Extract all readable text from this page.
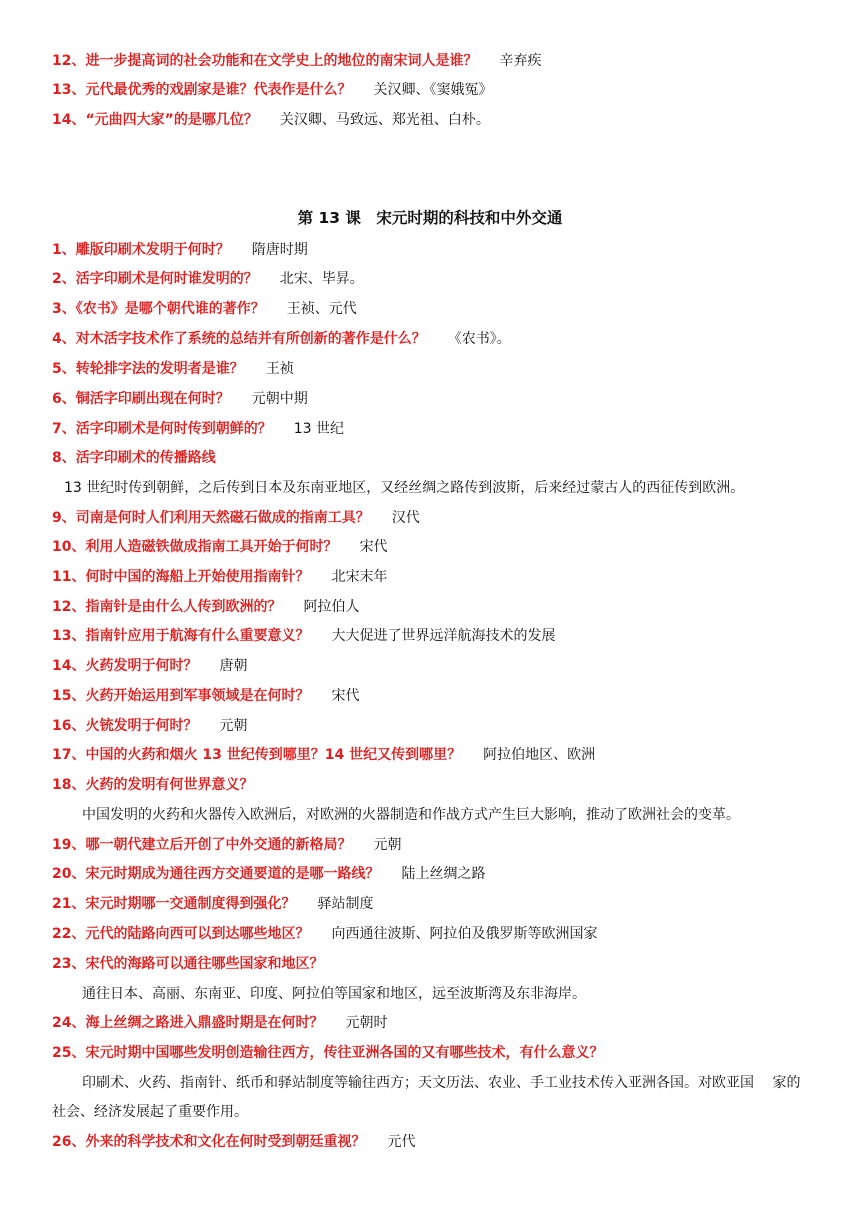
12、进一步提高词的社会功能和在文学史上的地位的南宋词人是谁？ 辛弃疾
13、元代最优秀的戏剧家是谁？代表作是什么？ 关汉卿、《窦娥冤》
14、“元曲四大家”的是哪几位？ 关汉卿、马致远、郑光祖、白朴。
第 13 课　宋元时期的科技和中外交通
1、雕版印刷术发明于何时？ 隋唐时期
2、活字印刷术是何时谁发明的？ 北宋、毕昇。
3、《农书》是哪个朝代谁的著作？ 王祯、元代
4、对木活字技术作了系统的总结并有所创新的著作是什么？ 《农书》。
5、转轮排字法的发明者是谁？ 王祯
6、铜活字印刷出现在何时？ 元朝中期
7、活字印刷术是何时传到朝鲜的？ 13 世纪
8、活字印刷术的传播路线
13 世纪时传到朝鲜，之后传到日本及东南亚地区，又经丝绸之路传到波斯，后来经过蒙古人的西征传到欧洲。
9、司南是何时人们利用天然磁石做成的指南工具？ 汉代
10、利用人造磁铁做成指南工具开始于何时？ 宋代
11、何时中国的海船上开始使用指南针？ 北宋末年
12、指南针是由什么人传到欧洲的？ 阿拉伯人
13、指南针应用于航海有什么重要意义？ 大大促进了世界远洋航海技术的发展
14、火药发明于何时？ 唐朝
15、火药开始运用到军事领域是在何时？ 宋代
16、火铳发明于何时？ 元朝
17、中国的火药和烟火 13 世纪传到哪里？14 世纪又传到哪里？ 阿拉伯地区、欧洲
18、火药的发明有何世界意义？
中国发明的火药和火器传入欧洲后，对欧洲的火器制造和作战方式产生巨大影响，推动了欧洲社会的变革。
19、哪一朝代建立后开创了中外交通的新格局？ 元朝
20、宋元时期成为通往西方交通要道的是哪一路线？ 陆上丝绸之路
21、宋元时期哪一交通制度得到强化？ 驿站制度
22、元代的陆路向西可以到达哪些地区？ 向西通往波斯、阿拉伯及俄罗斯等欧洲国家
23、宋代的海路可以通往哪些国家和地区？
通往日本、高丽、东南亚、印度、阿拉伯等国家和地区，远至波斯湾及东非海岸。
24、海上丝绸之路进入鼎盛时期是在何时？ 元朝时
25、宋元时期中国哪些发明创造输往西方，传往亚洲各国的又有哪些技术，有什么意义？
印刷术、火药、指南针、纸币和驿站制度等输往西方；天文历法、农业、手工业技术传入亚洲各国。对欧亚国　 家的
社会、经济发展起了重要作用。
26、外来的科学技术和文化在何时受到朝廷重视？ 元代
